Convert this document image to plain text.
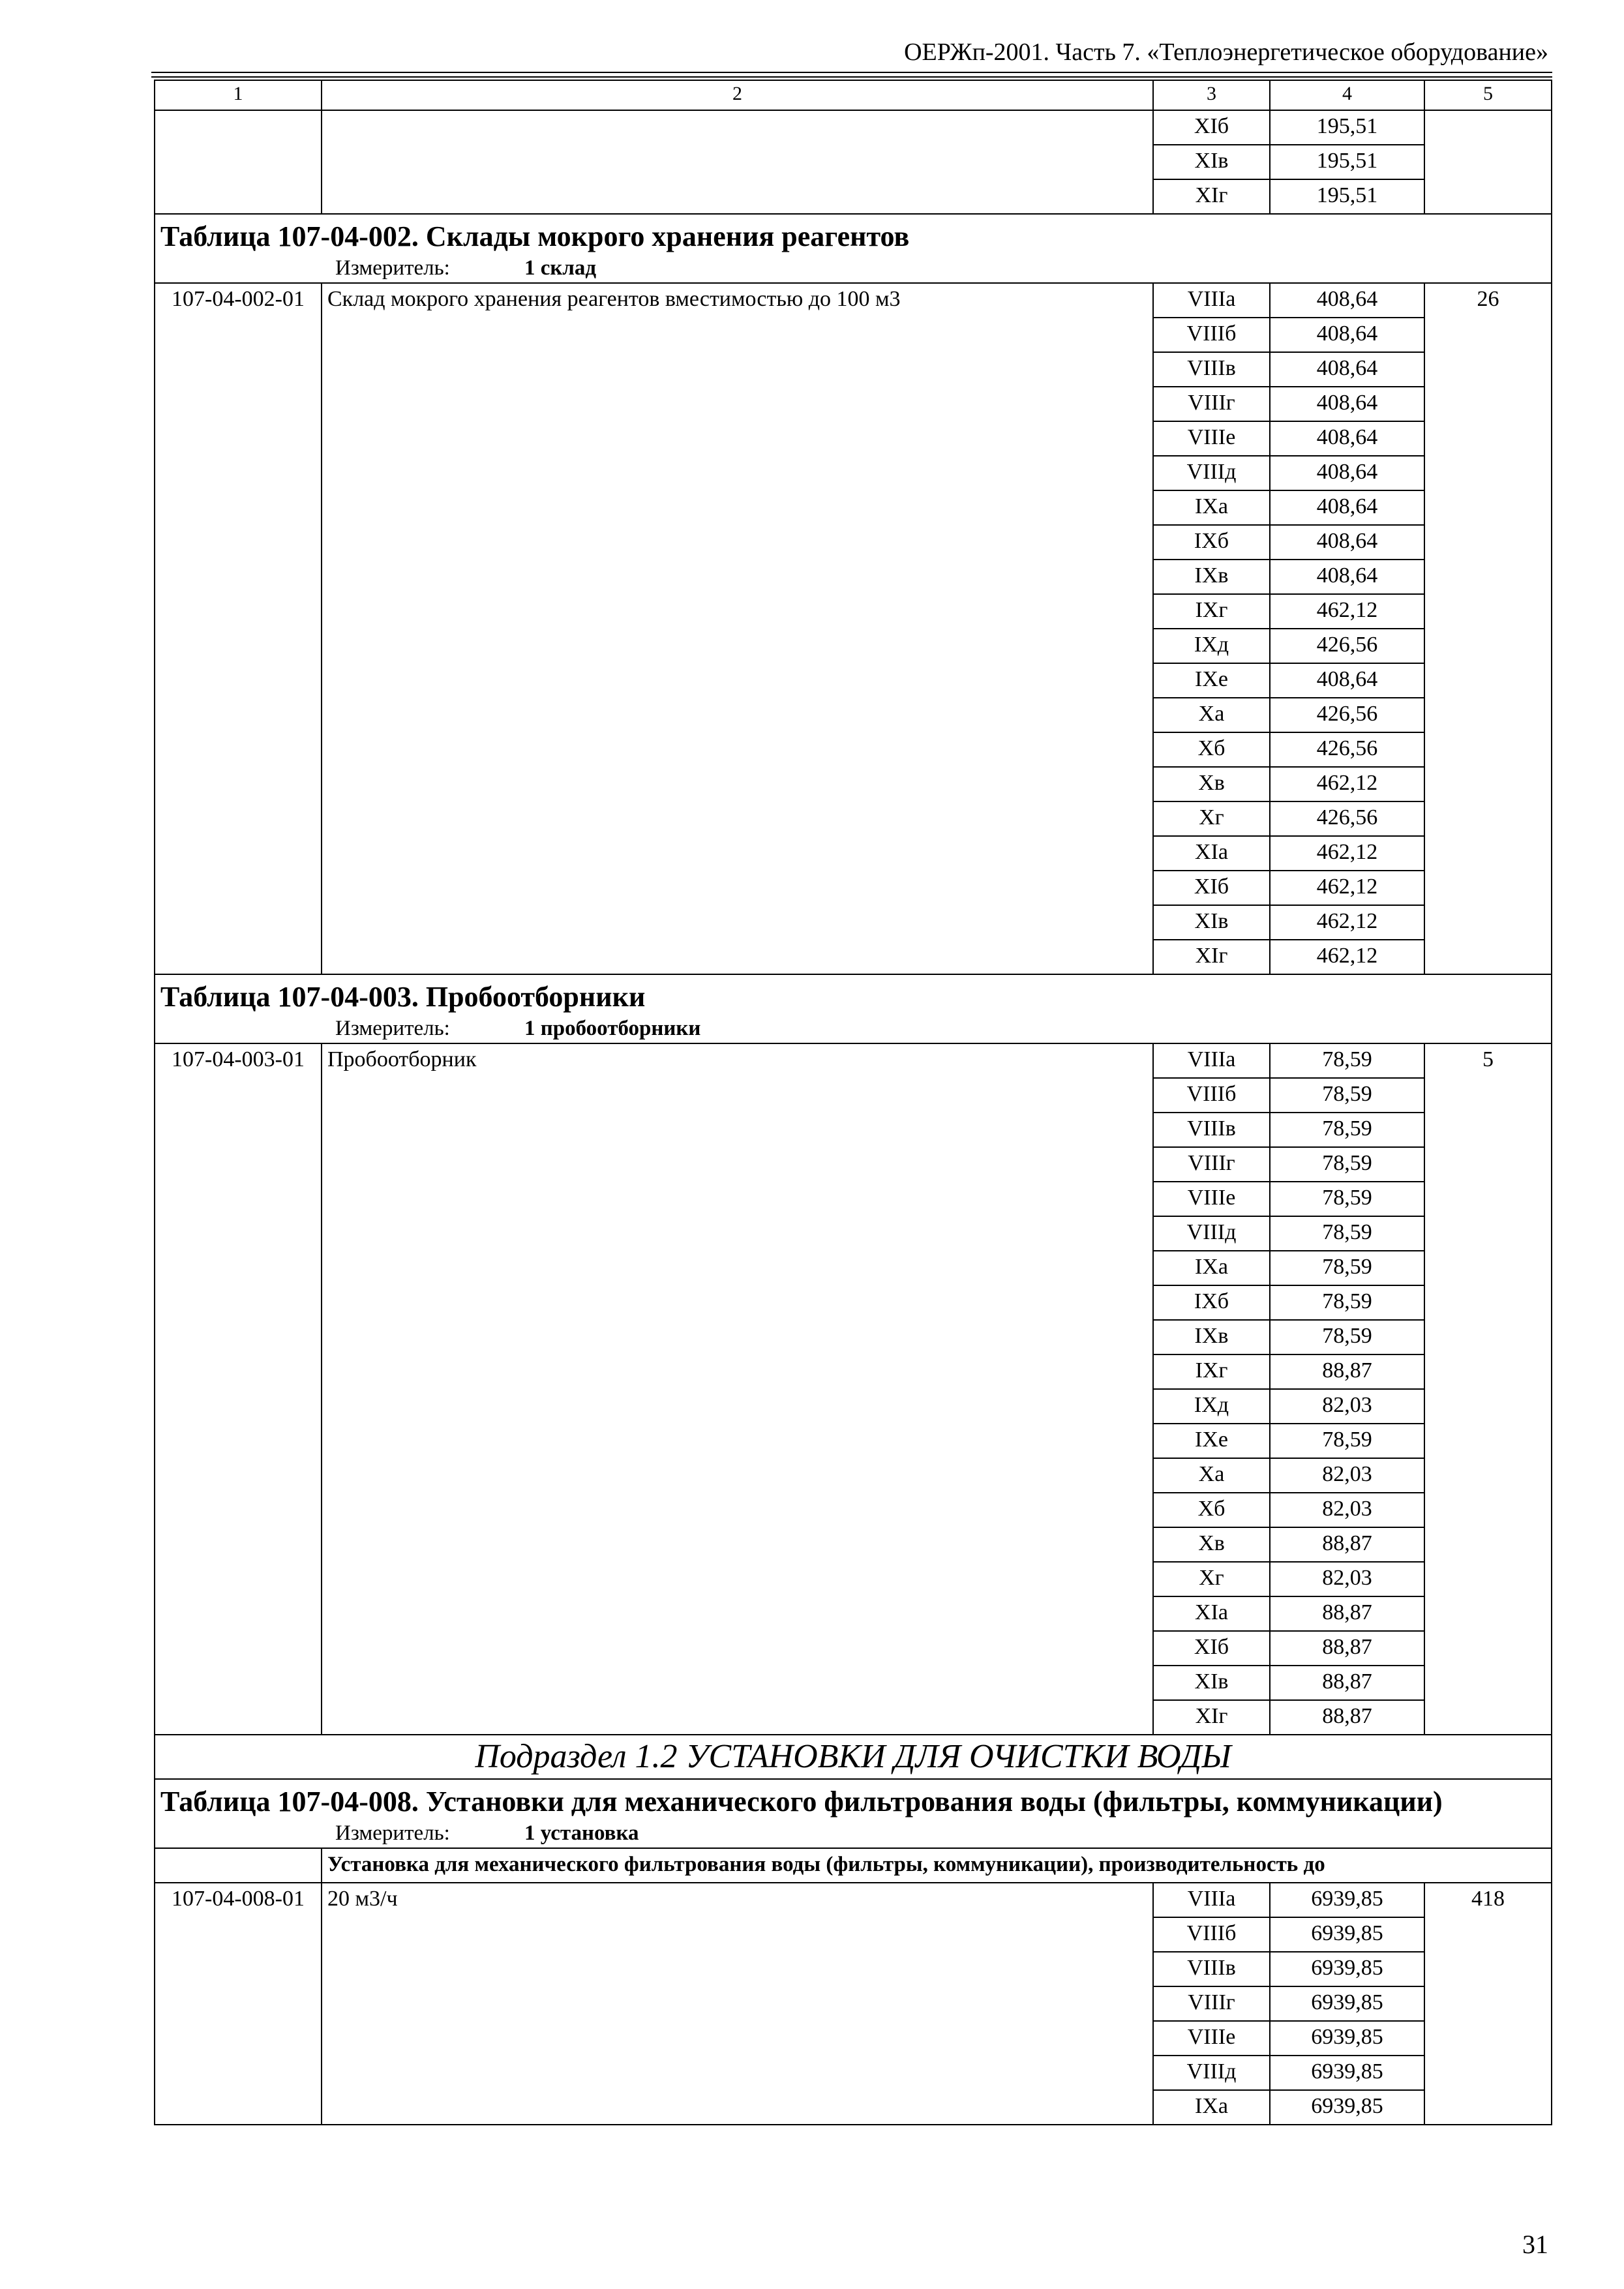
ОЕРЖп-2001. Часть 7. «Теплоэнергетическое оборудование»
1	2	3	4	5
		XIб	195,51	
		XIв	195,51	
		XIг	195,51	
Таблица 107-04-002. Склады мокрого хранения реагентов				
Измеритель: 1 склад				
107-04-002-01	Склад мокрого хранения реагентов вместимостью до 100 м3	VIIIа	408,64	26
		VIIIб	408,64	
		VIIIв	408,64	
		VIIIг	408,64	
		VIIIе	408,64	
		VIIIд	408,64	
		IXа	408,64	
		IXб	408,64	
		IXв	408,64	
		IXг	462,12	
		IXд	426,56	
		IXе	408,64	
		Xа	426,56	
		Xб	426,56	
		Xв	462,12	
		Xг	426,56	
		XIа	462,12	
		XIб	462,12	
		XIв	462,12	
		XIг	462,12	
Таблица 107-04-003. Пробоотборники				
Измеритель: 1 пробоотборники				
107-04-003-01	Пробоотборник	VIIIа	78,59	5
		VIIIб	78,59	
		VIIIв	78,59	
		VIIIг	78,59	
		VIIIе	78,59	
		VIIIд	78,59	
		IXа	78,59	
		IXб	78,59	
		IXв	78,59	
		IXг	88,87	
		IXд	82,03	
		IXе	78,59	
		Xа	82,03	
		Xб	82,03	
		Xв	88,87	
		Xг	82,03	
		XIа	88,87	
		XIб	88,87	
		XIв	88,87	
		XIг	88,87	
Подраздел 1.2 УСТАНОВКИ ДЛЯ ОЧИСТКИ ВОДЫ				
Таблица 107-04-008. Установки для механического фильтрования воды (фильтры, коммуникации)				
Измеритель: 1 установка				
	Установка для механического фильтрования воды (фильтры, коммуникации), производительность до			
107-04-008-01	20 м3/ч	VIIIа	6939,85	418
		VIIIб	6939,85	
		VIIIв	6939,85	
		VIIIг	6939,85	
		VIIIе	6939,85	
		VIIIд	6939,85	
		IXа	6939,85	
31
